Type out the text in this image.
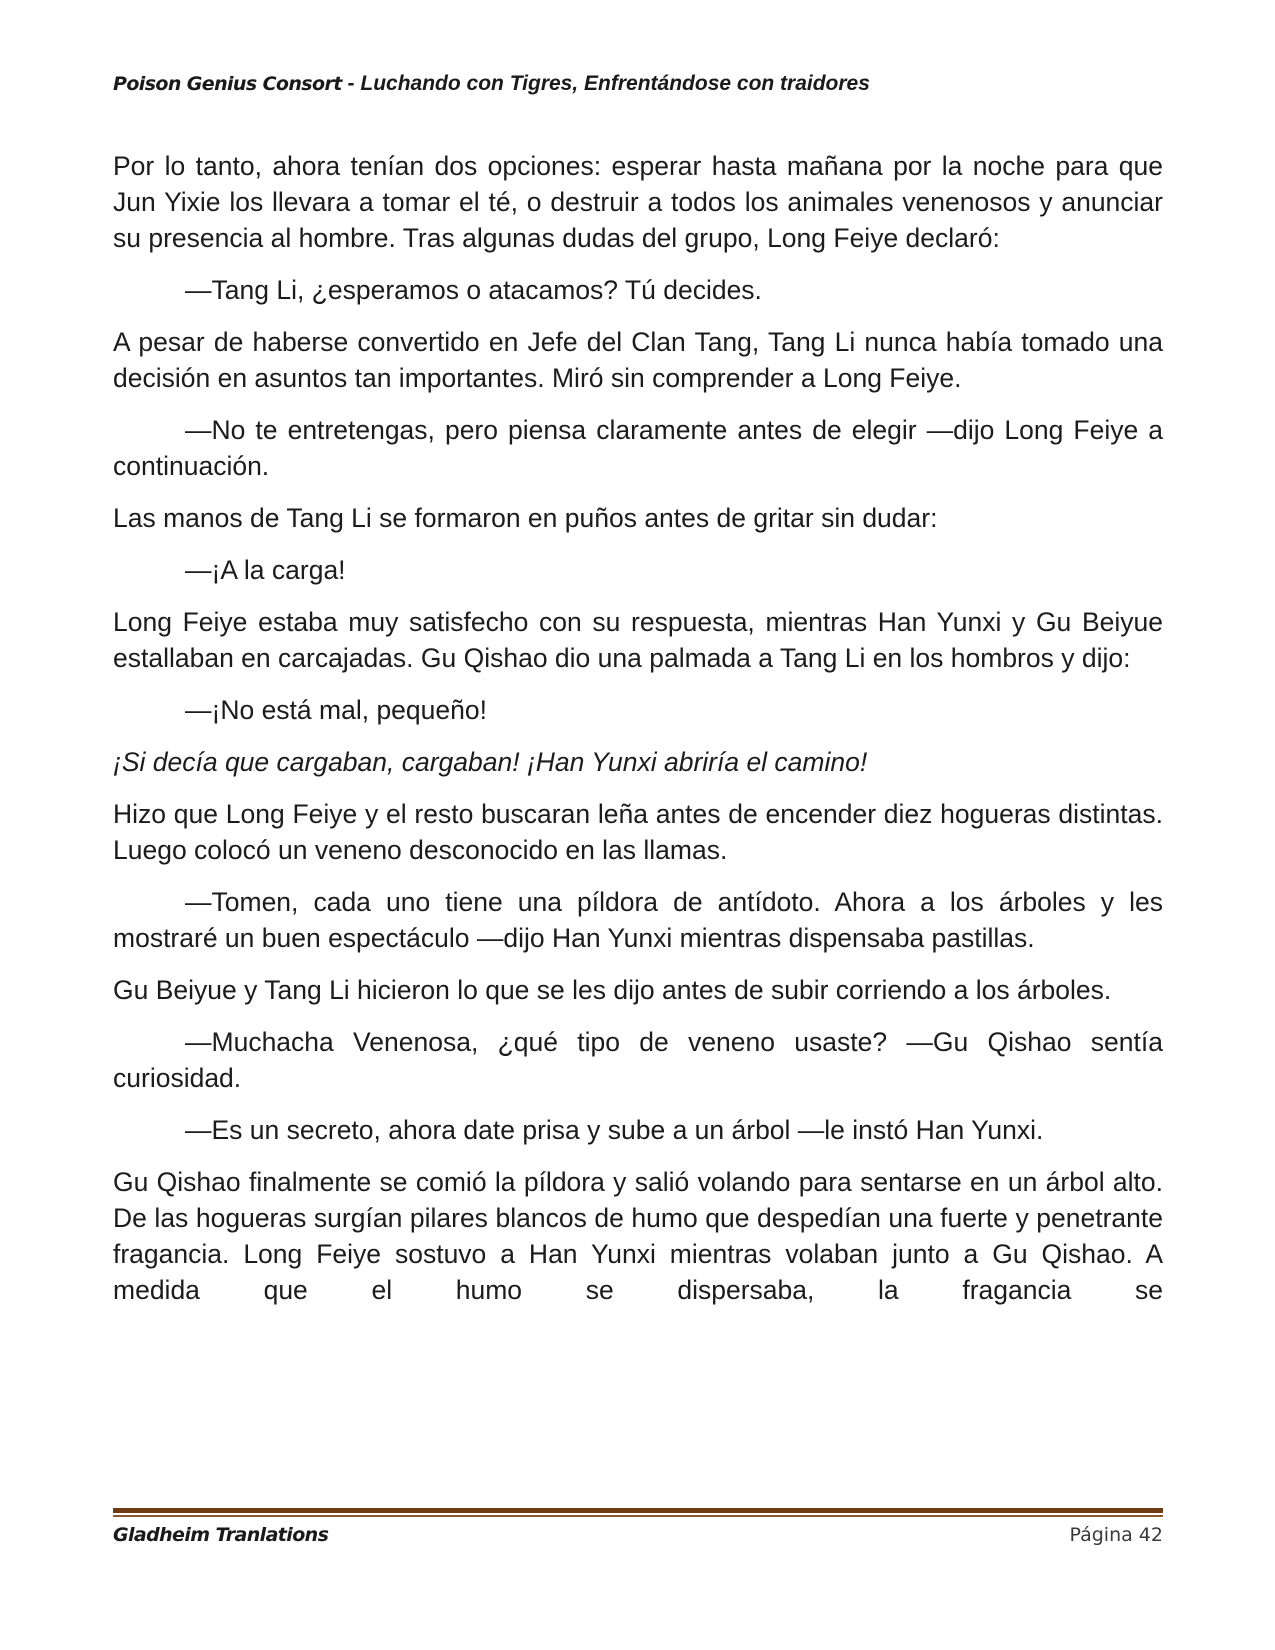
Poison Genius Consort - Luchando con Tigres, Enfrentándose con traidores

Por lo tanto, ahora tenían dos opciones: esperar hasta mañana por la noche para que Jun Yixie los llevara a tomar el té, o destruir a todos los animales venenosos y anunciar su presencia al hombre. Tras algunas dudas del grupo, Long Feiye declaró:

—Tang Li, ¿esperamos o atacamos? Tú decides.

A pesar de haberse convertido en Jefe del Clan Tang, Tang Li nunca había tomado una decisión en asuntos tan importantes. Miró sin comprender a Long Feiye.

—No te entretengas, pero piensa claramente antes de elegir —dijo Long Feiye a continuación.

Las manos de Tang Li se formaron en puños antes de gritar sin dudar:

—¡A la carga!

Long Feiye estaba muy satisfecho con su respuesta, mientras Han Yunxi y Gu Beiyue estallaban en carcajadas. Gu Qishao dio una palmada a Tang Li en los hombros y dijo:

—¡No está mal, pequeño!

¡Si decía que cargaban, cargaban! ¡Han Yunxi abriría el camino!

Hizo que Long Feiye y el resto buscaran leña antes de encender diez hogueras distintas. Luego colocó un veneno desconocido en las llamas.

—Tomen, cada uno tiene una píldora de antídoto. Ahora a los árboles y les mostraré un buen espectáculo —dijo Han Yunxi mientras dispensaba pastillas.

Gu Beiyue y Tang Li hicieron lo que se les dijo antes de subir corriendo a los árboles.

—Muchacha Venenosa, ¿qué tipo de veneno usaste? —Gu Qishao sentía curiosidad.

—Es un secreto, ahora date prisa y sube a un árbol —le instó Han Yunxi.

Gu Qishao finalmente se comió la píldora y salió volando para sentarse en un árbol alto. De las hogueras surgían pilares blancos de humo que despedían una fuerte y penetrante fragancia. Long Feiye sostuvo a Han Yunxi mientras volaban junto a Gu Qishao. A medida que el humo se dispersaba, la fragancia se

Gladheim Tranlations	Página 42
